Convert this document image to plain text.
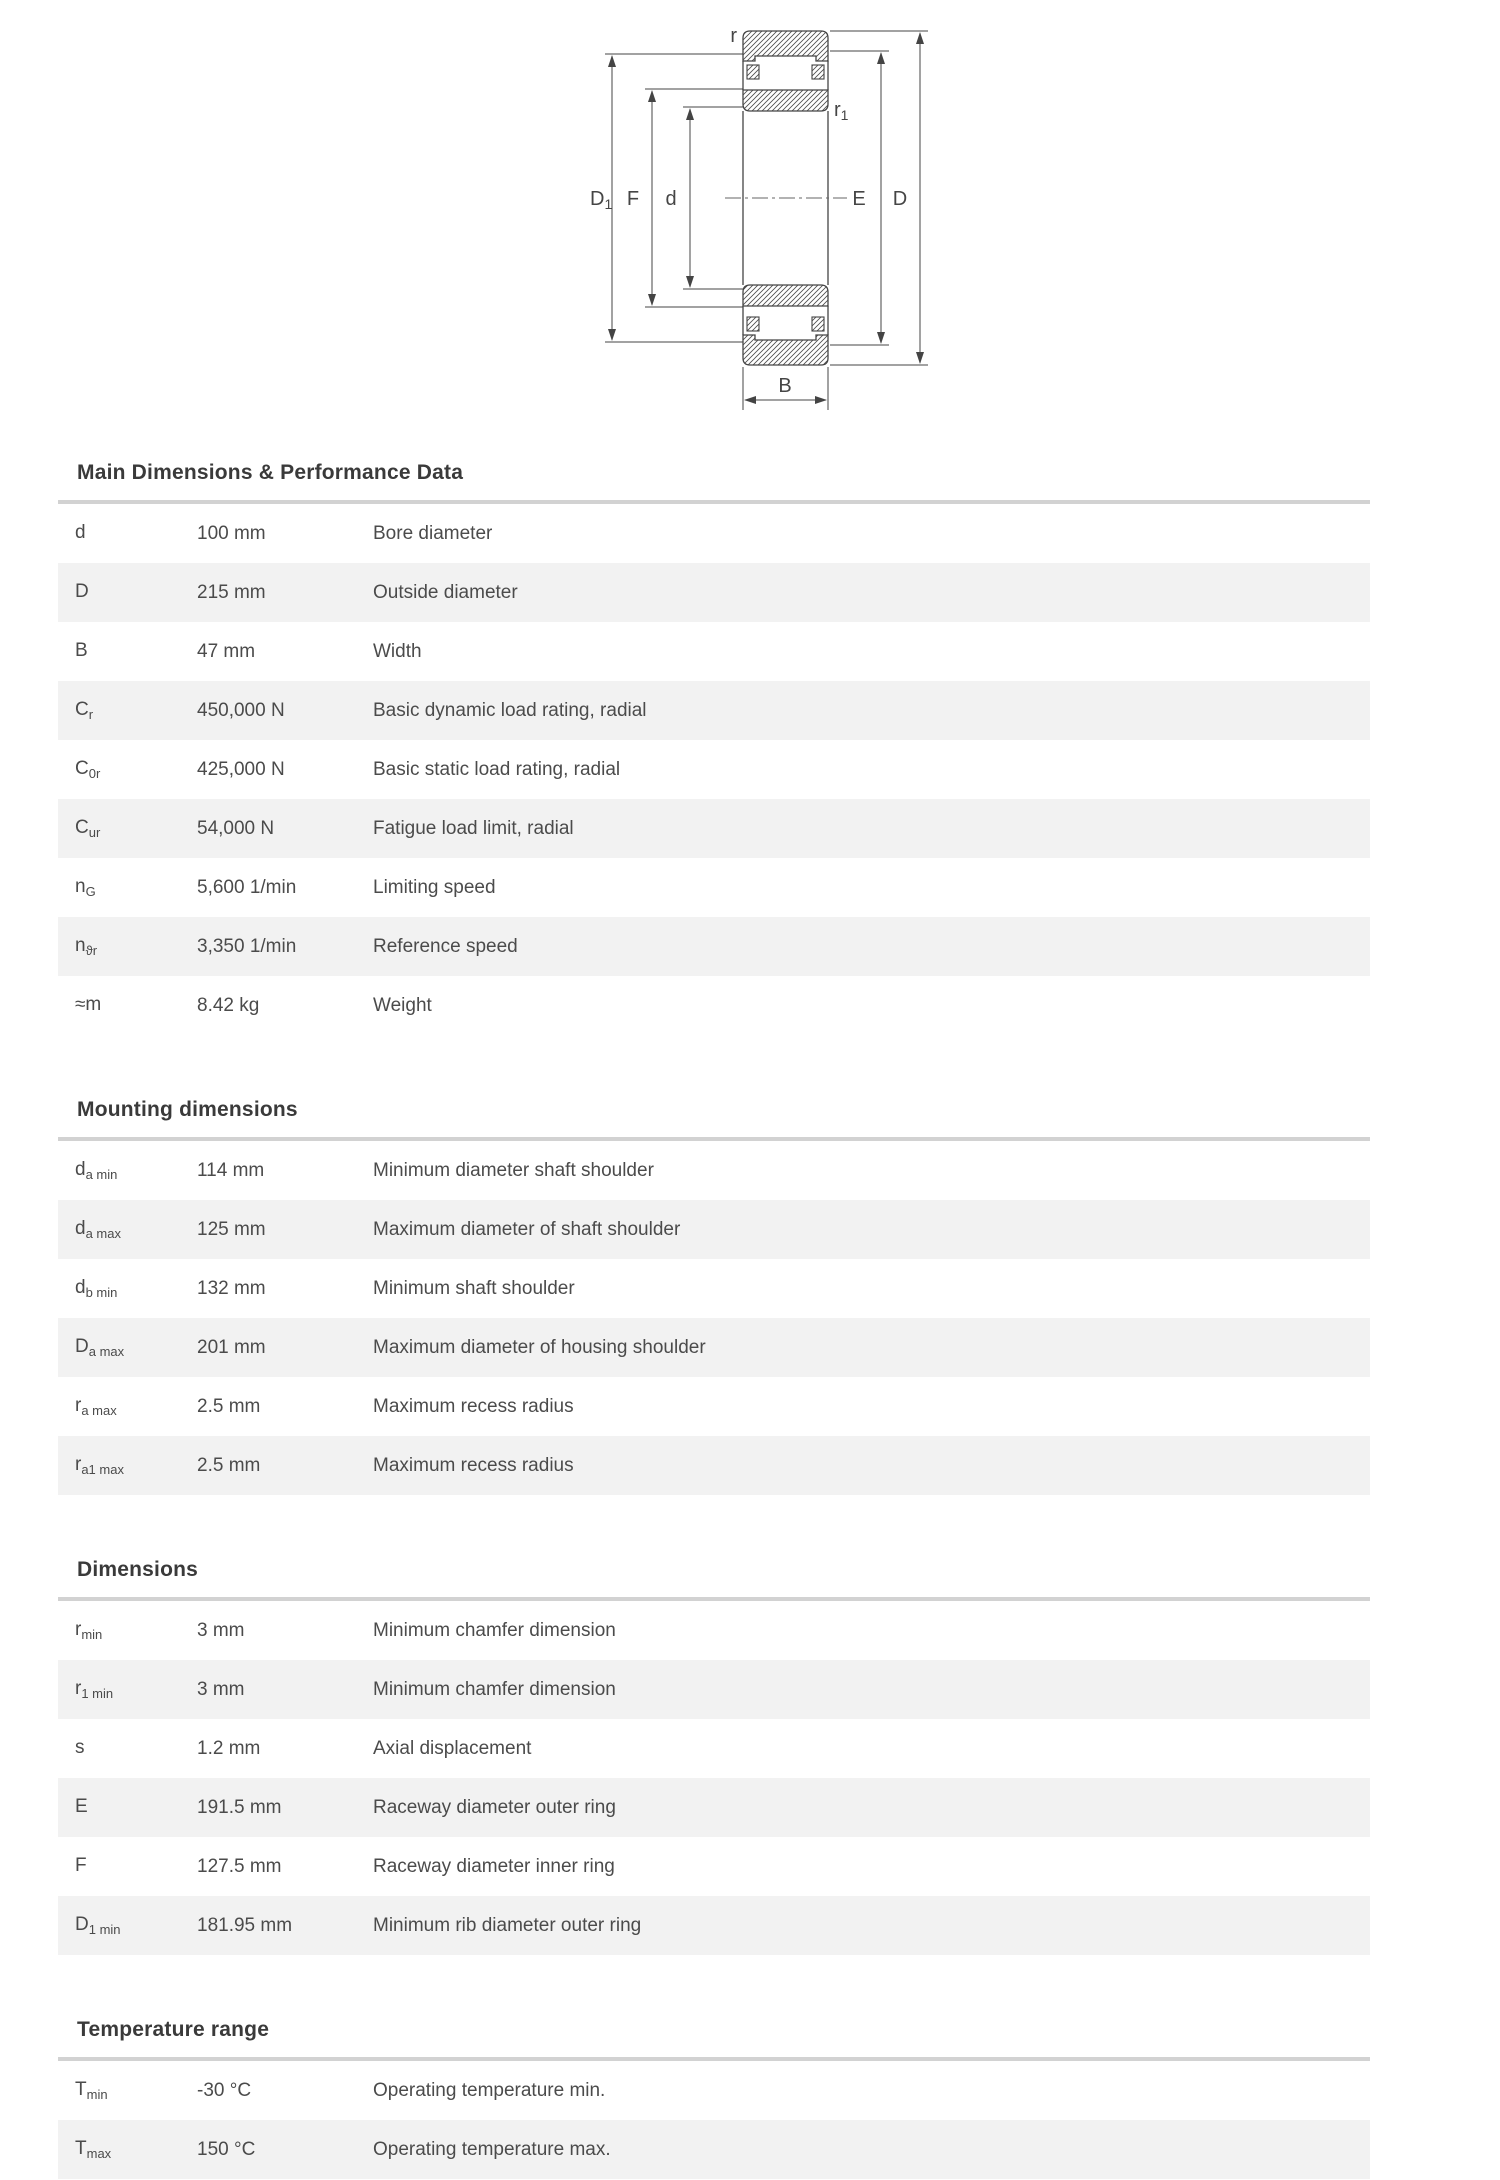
r
$r_1$
$D_1$ F d	E D
B
Main Dimensions & Performance Data
d	100 mm	Bore diameter
D	215 mm	Outside diameter
B	47 mm	Width
$C_r$	450,000 N	Basic dynamic load rating, radial
$C_{0r}$	425,000 N	Basic static load rating, radial
$C_{ur}$	54,000 N	Fatigue load limit, radial
$n_G$	5,600 1/min	Limiting speed
$n_{ϑr}$	3,350 1/min	Reference speed
≈m	8.42 kg	Weight
Mounting dimensions
$d_{a min}$	114 mm	Minimum diameter shaft shoulder
$d_{a max}$	125 mm	Maximum diameter of shaft shoulder
$d_{b min}$	132 mm	Minimum shaft shoulder
$D_{a max}$	201 mm	Maximum diameter of housing shoulder
$r_{a max}$	2.5 mm	Maximum recess radius
$r_{a1 max}$	2.5 mm	Maximum recess radius
Dimensions
$r_{min}$	3 mm	Minimum chamfer dimension
$r_{1 min}$	3 mm	Minimum chamfer dimension
s	1.2 mm	Axial displacement
E	191.5 mm	Raceway diameter outer ring
F	127.5 mm	Raceway diameter inner ring
$D_{1 min}$	181.95 mm	Minimum rib diameter outer ring
Temperature range
$T_{min}$	-30 °C	Operating temperature min.
$T_{max}$	150 °C	Operating temperature max.
